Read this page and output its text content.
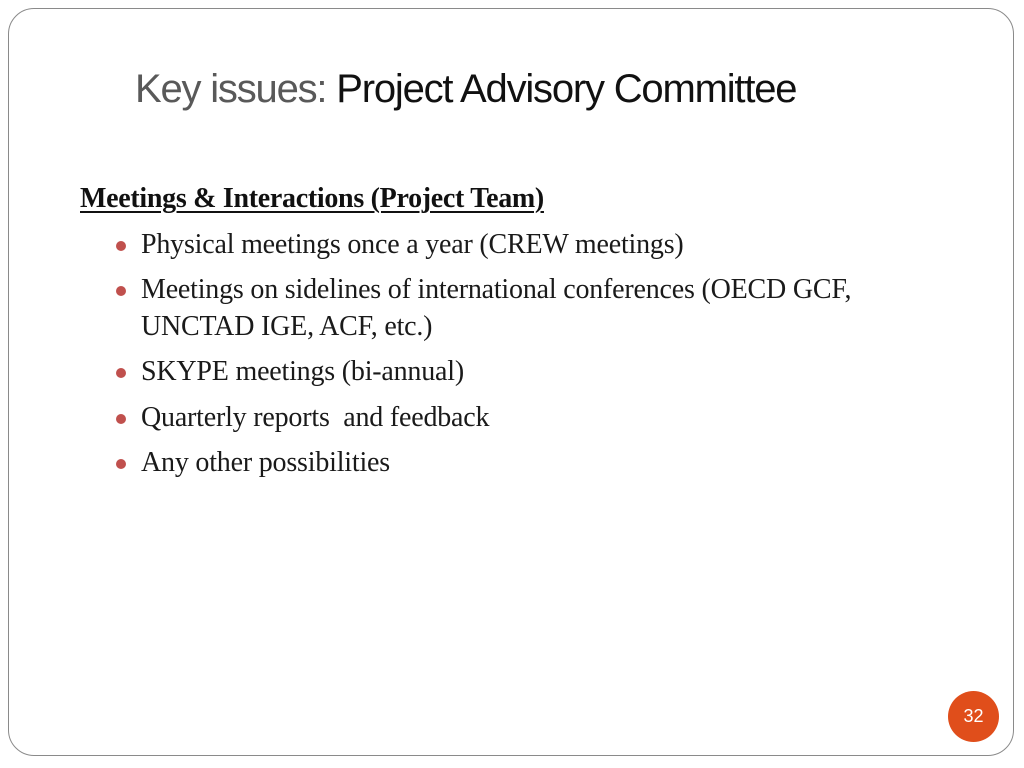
Key issues: Project Advisory Committee
Meetings & Interactions (Project Team)
Physical meetings once a year (CREW meetings)
Meetings on sidelines of international conferences (OECD GCF, UNCTAD IGE, ACF, etc.)
SKYPE meetings (bi-annual)
Quarterly reports  and feedback
Any other possibilities
32
